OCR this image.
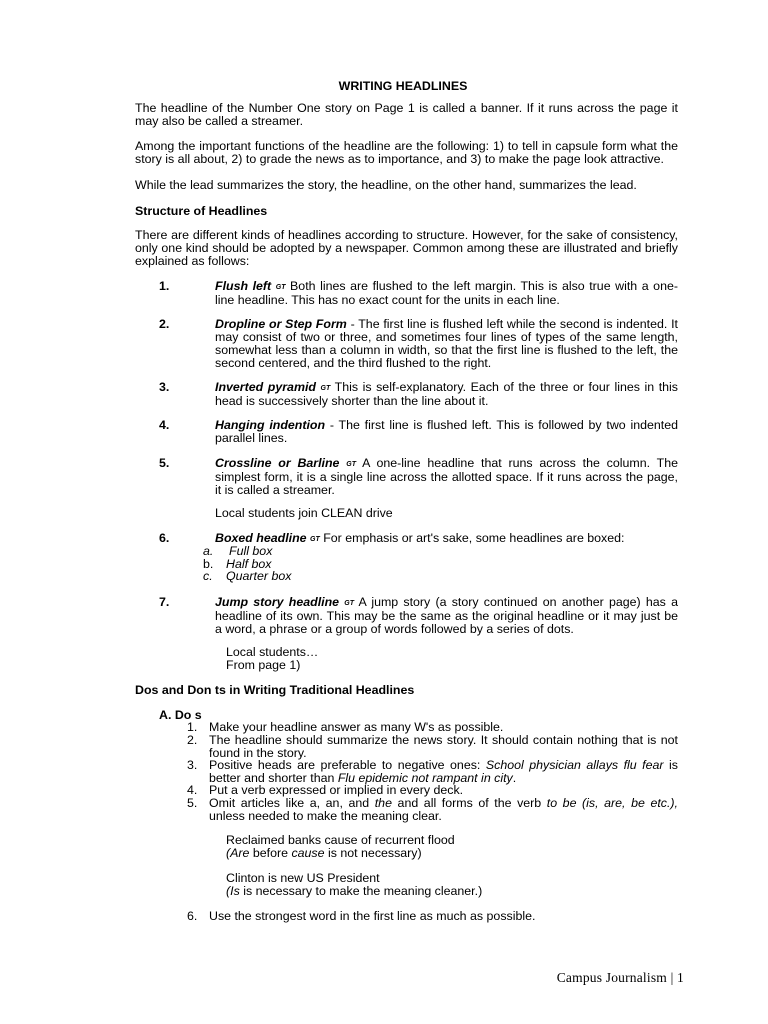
WRITING HEADLINES
The headline of the Number One story on Page 1 is called a banner. If it runs across the page it may also be called a streamer.
Among the important functions of the headline are the following: 1) to tell in capsule form what the story is all about, 2) to grade the news as to importance, and 3) to make the page look attractive.
While the lead summarizes the story, the headline, on the other hand, summarizes the lead.
Structure of Headlines
There are different kinds of headlines according to structure. However, for the sake of consistency, only one kind should be adopted by a newspaper. Common among these are illustrated and briefly explained as follows:
1.	Flush left GT Both lines are flushed to the left margin. This is also true with a one-line headline. This has no exact count for the units in each line.
2.	Dropline or Step Form - The first line is flushed left while the second is indented. It may consist of two or three, and sometimes four lines of types of the same length, somewhat less than a column in width, so that the first line is flushed to the left, the second centered, and the third flushed to the right.
3.	Inverted pyramid GT This is self-explanatory. Each of the three or four lines in this head is successively shorter than the line about it.
4.	Hanging indention - The first line is flushed left. This is followed by two indented parallel lines.
5.	Crossline or Barline GT A one-line headline that runs across the column. The simplest form, it is a single line across the allotted space. If it runs across the page, it is called a streamer.
Local students join CLEAN drive
6.	Boxed headline GT For emphasis or art's sake, some headlines are boxed:
a. Full box
b. Half box
c. Quarter box
7.	Jump story headline GT A jump story (a story continued on another page) has a headline of its own. This may be the same as the original headline or it may just be a word, a phrase or a group of words followed by a series of dots.
Local students…
From page 1)
Dos and Don ts in Writing Traditional Headlines
A. Do s
1. Make your headline answer as many W's as possible.
2. The headline should summarize the news story. It should contain nothing that is not found in the story.
3. Positive heads are preferable to negative ones: School physician allays flu fear is better and shorter than Flu epidemic not rampant in city.
4. Put a verb expressed or implied in every deck.
5. Omit articles like a, an, and the and all forms of the verb to be (is, are, be etc.), unless needed to make the meaning clear.
Reclaimed banks cause of recurrent flood
(Are before cause is not necessary)
Clinton is new US President
(Is is necessary to make the meaning cleaner.)
6. Use the strongest word in the first line as much as possible.
Campus Journalism | 1
